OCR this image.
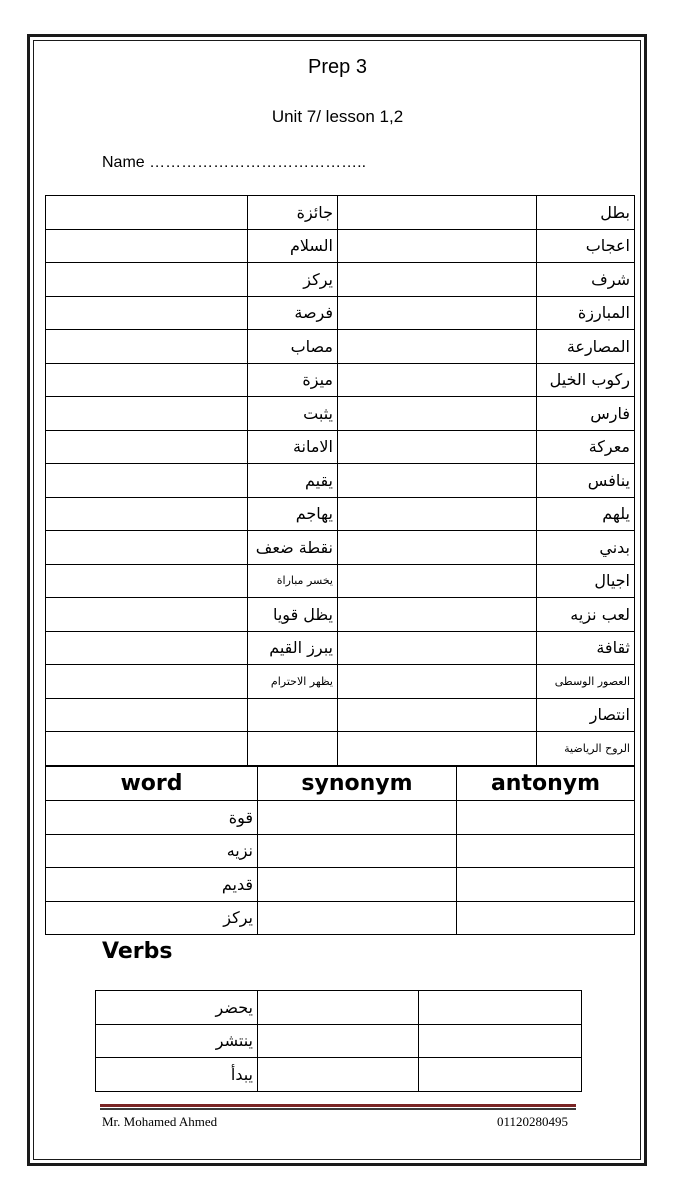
Prep 3
Unit 7/ lesson 1,2
Name …………………………………..
	جائزة		بطل
	السلام		اعجاب
	يركز		شرف
	فرصة		المبارزة
	مصاب		المصارعة
	ميزة		ركوب الخيل
	يثبت		فارس
	الامانة		معركة
	يقيم		ينافس
	يهاجم		يلهم
	نقطة ضعف		بدني
	يخسر مباراة		اجيال
	يظل قويا		لعب نزيه
	يبرز القيم		ثقافة
	يظهر الاحترام		العصور الوسطى
			انتصار
			الروح الرياضية
word	synonym	antonym
قوة		
نزيه		
قديم		
يركز		
Verbs
يحضر		
ينتشر		
يبدأ		
Mr. Mohamed Ahmed	01120280495
